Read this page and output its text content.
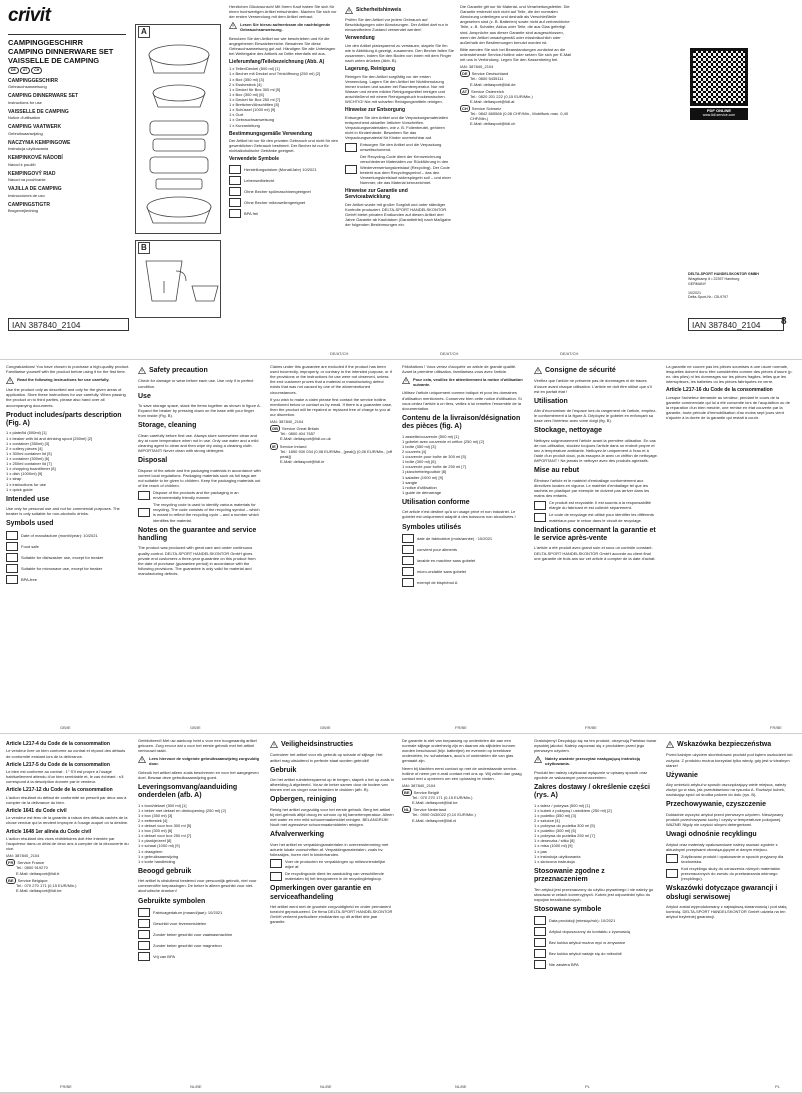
crivit
CAMPINGGESCHIRR
CAMPING DINNERWARE SET
VAISSELLE DE CAMPING
DE	AT	CH
CAMPINGGESCHIRR
Gebrauchsanweisung
CAMPING DINNERWARE SET
Instructions for use
VAISSELLE DE CAMPING
Notice d'utilisation
CAMPING VAATWERK
Gebruiksaanwijzing
NACZYNIA KEMPINGOWE
Instrukcja użytkowania
KEMPINKOVÉ NÁDOBÍ
Návod k použití
KEMPINGOVÝ RIAD
Návod na používanie
VAJILLA DE CAMPING
Instrucciones de uso
CAMPINGSTIGTR
Brugervejledning
IAN 387840_2104
A
B

Herzlichen Glückwunsch! Mit Ihrem Kauf haben Sie sich für einen hochwertigen Artikel entschieden. Machen Sie sich vor der ersten Verwendung mit dem Artikel vertraut.

Lesen Sie hierzu aufmerksam die nachfolgende Gebrauchsanweisung.

Benutzen Sie den Artikel nur wie beschrieben und für die angegebenen Einsatzbereiche. Bewahren Sie diese Gebrauchsanweisung gut auf. Händigen Sie alle Unterlagen bei Weitergabe des Artikels an Dritte ebenfalls mit aus.

Lieferumfang/Teilebezeichnung (Abb. A)
1 x Teller/Deckel (500 ml) [1]
1 x Becher mit Deckel und Trinköffnung (250 ml) [2]
1 x Box (350 ml) [3]
2 x Essbesteck [4]
1 x Deckel für Box 300 ml [5]
1 x Box (300 ml) [6]
1 x Deckel für Box 250 ml [7]
1 x Brettchen/Abschlitten [8]
1 x Schüssel (1000 ml) [9]
1 x Gurt
1 x Gebrauchsanweisung
1 x Kurzanleitung
Bestimmungsgemäße Verwendung

Der Artikel ist nur für den privaten Gebrauch und nicht für den gewerblichen Gebrauch bestimmt. Der Becher ist nur für nichtalkoholische Getränke geeignet.

Verwendete Symbole
Herstellungsdatum (Monat/Jahr) 10/2021
Lebensmittelecht
Ohne Becher spülmaschinengeeignet
Ohne Becher mikrowellengeeignet
BPA frei
Sicherheitshinweis

Prüfen Sie den Artikel vor jedem Gebrauch auf Beschädigungen oder Abnutzungen. Der Artikel darf nur in einwandfreiem Zustand verwendet werden!

Verwendung

Um den Artikel platzsparend zu verstauen, stapeln Sie ihn wie in Abbildung A gezeigt, zusammen. Den Becher fallen Sie zusammen, indem Sie den Boden von innen mit dem Finger nach unten drücken (Abb. B).

Lagerung, Reinigung

Reinigen Sie den Artikel sorgfältig vor der ersten Verwendung. Lagern Sie den Artikel bei Nichtbenutzung immer trocken und sauber bei Raumtemperatur. Nur mit Wasser und einem milden Reinigungsmittel reinigen und anschließend mit einem Reinigungstuch trockenwischen. WICHTIG! Nie mit scharfen Reinigungsmitteln reinigen.

Hinweise zur Entsorgung

Entsorgen Sie den Artikel und die Verpackungsmaterialien entsprechend aktueller örtlicher Vorschriften. Verpackungsmaterialien, wie z. B. Folienbeutel, gehören nicht in Kinderhände. Bewahren Sie das Verpackungsmaterial für Kinder unerreichbar auf.

Entsorgen Sie den Artikel und die Verpackung umweltschonend.
Der Recycling-Code dient der Kennzeichnung verschiedener Materialien zur Rückführung in den Wiederverwertungskreislauf (Recycling). Der Code besteht aus dem Recyclingsymbol – das den Verwertungskreislauf widerspiegeln soll – und einer Nummer, die das Material kennzeichnet.
Hinweise zur Garantie und Serviceabwicklung

Der Artikel wurde mit großer Sorgfalt und unter ständiger Kontrolle produziert. DELTA-SPORT HANDELSKONTOR GmbH bietet privaten Endkunden auf diesen Artikel drei Jahre Garantie ab Kaufdatum (Garantiefrist) nach Maßgabe der folgenden Bestimmungen ein.

Die Garantie gilt nur für Material- und Verarbeitungsfehler. Die Garantie erstreckt sich nicht auf Teile, die der normalen Abnutzung unterliegen und deshalb als Verschleißteile angesehen sind (z. B. Batterien) sowie nicht auf zerbrechliche Teile, z. B. Schalter, Akkus oder Teile, die aus Glas gefertigt sind. Ansprüche aus dieser Garantie sind ausgeschlossen, wenn der Artikel unsachgemäß oder missbräuchlich oder außerhalb der Bestimmungen benutzt worden ist.

Bitte wenden Sie sich bei Beanstandungen zunächst an die untenstehende Service-Hotline oder setzen Sie sich per E-Mail mit uns in Verbindung. Legen Sie den Kassenbeleg bei.

IAN: 387840_2104

DE Service Deutschland
Tel.: 0800 5435111
E-Mail: deltasport@lidl.de
AT Service Österreich
Tel.: 0820 201 222 (0,15 EUR/Min.)
E-Mail: deltasport@lidl.at
CH Service Schweiz
Tel.: 0842 665566 (0,08 CHF/Min., Mobilfunk max. 0,40 CHF/Min.)
E-Mail: deltasport@lidl.ch
PDF ONLINE
www.lidl-service.com
DELTA-SPORT HANDELSKONTOR GMBH
Wragekamp 6 • 22397 Hamburg
GERMANY
10/2021
Delta-Sport-Nr.: CB-9797
IAN 387840_2104	8
DE/AT/CH	DE/AT/CH	DE/AT/CH

Congratulations! You have chosen to purchase a high-quality product. Familiarise yourself with the product before using it for the first time.

Read the following instructions for use carefully.

Use the product only as described and only for the given areas of application. Store these instructions for use carefully. When passing the product on to third parties, please also hand over all accompanying documents.

Product includes/parts description (Fig. A)
1 x plate/lid (500ml) [1]
1 x beaker with lid and drinking spout (250ml) [2]
1 x container (350ml) [3]
2 x cutlery pieces [4]
1 x 300ml container lid [5]
1 x container (300ml) [6]
1 x 250ml container lid [7]
1 x chopping board/timer [8]
1 x dish (1000ml) [9]
1 x strap
1 x instructions for use
1 x quick guide
Intended use

Use only for personal use and not for commercial purposes. The beaker is only suitable for non-alcoholic drinks.

Symbols used
Date of manufacture (month/year): 10/2021
Food safe
Suitable for dishwasher use, except for beaker
Suitable for microwave use, except for beaker
BPA-free
Safety precaution

Check for damage or wear before each use. Use only if in perfect condition.

Use

To save storage space, stack the items together as shown in figure A. Expand the beaker by pressing down on the base with your finger from inside (Fig. B).

Storage, cleaning

Clean carefully before first use. Always store somewhere clean and dry at room temperature when not in use. Only use water and a mild cleaning agent to clean and then wipe dry using a cleaning cloth. IMPORTANT! Never clean with strong detergent.

Disposal

Dispose of the article and the packaging materials in accordance with current local regulations. Packaging materials such as foil bags are not suitable to be given to children. Keep the packaging materials out of the reach of children.

Dispose of the products and the packaging in an environmentally friendly manner.
The recycling code is used to identify various materials for recycling. The code consists of the recycling symbol – which is meant to reflect the recycling cycle – and a number which identifies the material.
Notes on the guarantee and service handling

The product was produced with great care and under continuous quality control. DELTA-SPORT HANDELSKONTOR GmbH gives private end customers a three-year guarantee on this product from the date of purchase (guarantee period) in accordance with the following provisions. The guarantee is only valid for material and manufacturing defects.

Claims under this guarantee are excluded if the product has been used incorrectly, improperly, or contrary to the intended purpose, or if the provisions or the instructions for use were not observed, unless the end customer proves that a material or manufacturing defect exists that was not caused by one of the aforementioned circumstances.

If you wish to make a claim please first contact the service hotline mentioned below or contact us by email. If there is a guarantee case, then the product will be repaired or replaced free of charge to you at our discretion.

IAN: 387840_2104

GB Service Great Britain
Tel.: 0800 404 7657
E-Mail: deltasport@lidl.co.uk
IE Service Ireland
Tel.: 1890 930 034 (0,08 EUR/Min., [peak]) (0,06 EUR/Min., [off peak])
E-Mail: deltasport@lidl.ie

Félicitations ! Vous venez d'acquérir un article de grande qualité. Avant la première utilisation, familiarisez-vous avec l'article.

Pour cela, veuillez lire attentivement la notice d'utilisation suivante.

Utilisez l'article uniquement comme indiqué et pour les domaines d'utilisation mentionnés. Conservez bien cette notice d'utilisation. Si vous cédez l'article à un tiers, veillez à lui remettre l'ensemble de la documentation.

Contenu de la livraison/désignation des pièces (fig. A)
1 assiette/couvercle (500 ml) [1]
1 gobelet avec couvercle et orifice (250 ml) [2]
1 boîte (350 ml) [3]
2 couverts [4]
1 couvercle pour boîte de 300 ml [5]
1 boîte (300 ml) [6]
1 couvercle pour boîte de 250 ml [7]
1 planchette/égouttoir [8]
1 saladier (1000 ml) [9]
1 sangle
1 notice d'utilisation
1 guide de démarrage
Utilisation conforme

Cet article n'est destiné qu'à un usage privé et non industriel. Le gobelet est uniquement adapté à des boissons non alcoolisées !

Symboles utilisés
date de fabrication (mois/année) : 10/2021
convient pour aliments
lavable en machine sans gobelet
micro-ondable sans gobelet
exempt de bisphénol A
Consigne de sécurité

Vérifiez que l'article ne présente pas de dommages ni de traces d'usure avant chaque utilisation. L'article ne doit être utilisé que s'il est en parfait état !

Utilisation

Afin d'économiser de l'espace lors du rangement de l'article, empilez-le conformément à la figure A. Déployez le gobelet en enfonçant sa base vers l'intérieur avec votre doigt (fig. B).

Stockage, nettoyage

Nettoyez soigneusement l'article avant la première utilisation. En cas de non-utilisation, stockez toujours l'article dans un endroit propre et sec à température ambiante. Nettoyez-le uniquement à l'eau et à l'aide d'un produit doux, puis essuyez-le avec un chiffon de nettoyage. IMPORTANT ! Ne jamais le nettoyer avec des produits agressifs.

Mise au rebut

Éliminez l'article et le matériel d'emballage conformément aux directives locales en vigueur. Le matériel d'emballage tel que les sachets en plastique par exemple ne doivent pas arriver dans les mains des enfants.

Ce produit est recyclable. Il est soumis à la responsabilité élargie du fabricant et est collecté séparément.
Le code de recyclage est utilisé pour identifier les différents matériaux pour le retour dans le circuit de recyclage.
Indications concernant la garantie et le service après-vente

L'article a été produit avec grand soin et sous un contrôle constant. DELTA-SPORT HANDELSKONTOR GmbH accorde au client final une garantie de trois ans sur cet article à compter de la date d'achat.

La garantie ne couvre pas les pièces soumises à une usure normale, lesquelles doivent donc être considérées comme des pièces d'usure (p. ex. des piles) ni les dommages sur les pièces fragiles, telles que les interrupteurs, les batteries ou les pièces fabriquées en verre.

Article L217-16 du Code de la consommation

Lorsque l'acheteur demande au vendeur, pendant le cours de la garantie commerciale qui lui a été consentie lors de l'acquisition ou de la réparation d'un bien meuble, une remise en état couverte par la garantie, toute période d'immobilisation d'au moins sept jours vient s'ajouter à la durée de la garantie qui restait à courir.

GB/IE	GB/IE	GB/IE	FR/BE	FR/BE	FR/BE
Article L217-4 du Code de la consommation

Le vendeur livre un bien conforme au contrat et répond des défauts de conformité existant lors de la délivrance.

Article L217-5 du Code de la consommation

Le bien est conforme au contrat : 1° S'il est propre à l'usage habituellement attendu d'un bien semblable et, le cas échéant : s'il correspond à la description donnée par le vendeur.

Article L217-12 du Code de la consommation

L'action résultant du défaut de conformité se prescrit par deux ans à compter de la délivrance du bien.

Article 1641 du Code civil

Le vendeur est tenu de la garantie à raison des défauts cachés de la chose vendue qui la rendent impropre à l'usage auquel on la destine.

Article 1648 1er alinéa du Code civil

L'action résultant des vices rédhibitoires doit être intentée par l'acquéreur dans un délai de deux ans à compter de la découverte du vice.

IAN: 387840_2104

FR Service France
Tel.: 0800 919270
E-Mail: deltasport@lidl.fr
BE Service Belgique
Tel.: 070 270 171 (0,15 EUR/Min.)
E-Mail: deltasport@lidl.be

Gefeliciteerd! Met uw aankoop hebt u voor een hoogwaardig artikel gekozen. Zorg ervoor dat u voor het eerste gebruik met het artikel vertrouwd raakt.

Lees hiervoor de volgende gebruiksaanwijzing zorgvuldig door.

Gebruik het artikel alleen zoals beschreven en voor het aangegeven doel. Bewaar deze gebruiksaanwijzing goed.

Leveringsomvang/aanduiding onderdelen (afb. A)
1 x bord/deksel (500 ml) [1]
1 x beker met deksel en drinkopening (250 ml) [2]
1 x box (350 ml) [3]
2 x eetbestek [4]
1 x deksel voor box 300 ml [5]
1 x box (300 ml) [6]
1 x deksel voor box 250 ml [7]
1 x plankje/zeef [8]
1 x schaal (1000 ml) [9]
1 x draagriem
1 x gebruiksaanwijzing
1 x korte handleiding
Beoogd gebruik

Het artikel is uitsluitend bestemd voor persoonlijk gebruik, niet voor commerciële toepassingen. De beker is alleen geschikt voor niet-alcoholische dranken!

Gebruikte symbolen
Fabricagedatum (maand/jaar): 10/2021
Geschikt voor levensmiddelen
Zonder beker geschikt voor vaatwasmachine
Zonder beker geschikt voor magnetron
Vrij van BPA
Veiligheidsinstructies

Controleer het artikel voor elk gebruik op schade of slijtage. Het artikel mag uitsluitend in perfecte staat worden gebruikt!

Gebruik

Om het artikel ruimtebesparend op te bergen, stapelt u het op zoals in afbeelding A afgebeeld. Vouw de beker samen door de bodem van binnen met uw vinger naar beneden te drukken (afb. B).

Opbergen, reiniging

Reinig het artikel zorgvuldig voor het eerste gebruik. Berg het artikel bij niet-gebruik altijd droog en schoon op bij kamertemperatuur. Alleen met water en een mild schoonmaakmiddel reinigen. BELANGRIJK! Nooit met agressieve schoonmaakmiddelen reinigen.

Afvalverwerking

Voer het artikel en verpakkingsmaterialen in overeenstemming met actuele lokale voorschriften af. Verpakkingsmaterialen, zoals bv. foliezakjes, horen niet in kinderhanden.

Voer de producten en verpakkingen op milieuvriendelijke wijze af.
De recyclingcode dient ter aanduiding van verschillende materialen bij het terugvoeren in de recyclingkringloop.
Opmerkingen over garantie en serviceafhandeling

Het artikel werd met de grootste zorgvuldigheid en onder permanent toezicht geproduceerd. De firma DELTA-SPORT HANDELSKONTOR GmbH verleent particuliere eindklanten op dit artikel drie jaar garantie.

De garantie is niet van toepassing op onderdelen die aan een normale slijtage onderhevig zijn en daarom als slijtdelen kunnen worden beschouwd (bijv. batterijen) en evenmin op breekbare onderdelen, bv. schakelaars, accu's of onderdelen die van glas gemaakt zijn.

Neem bij klachten eerst contact op met de onderstaande service-hotline of neem per e-mail contact met ons op. Wij zullen dan graag contact met u opnemen om een oplossing te vinden.

IAN: 387840_2104

BE Service België
Tel.: 070 270 171 (0,15 EUR/Min.)
E-Mail: deltasport@lidl.be
NL Service Nederland
Tel.: 0900 0430022 (0,10 EUR/Min.)
E-Mail: deltasport@lidl.nl

Gratulujemy! Decydując się na ten produkt, otrzymują Państwo towar wysokiej jakości. Należy zapoznać się z produktem przed jego pierwszym użyciem.

Należy uważnie przeczytać następującą instrukcję użytkowania.

Produkt ten należy użytkować wyłącznie w opisany sposób oraz zgodnie ze wskazanym przeznaczeniem.

Zakres dostawy / określenie części (rys. A)
1 x talerz / pokrywa (500 ml) [1]
1 x kubek z pokrywą i ustnikiem (250 ml) [2]
1 x pudełko (350 ml) [3]
2 x sztućce [4]
1 x pokrywa do pudełka 300 ml [5]
1 x pudełko (300 ml) [6]
1 x pokrywa do pudełka 250 ml [7]
1 x deseczka / sitko [8]
1 x misa (1000 ml) [9]
1 x pas
1 x instrukcja użytkowania
1 x skrócona instrukcja
Stosowanie zgodne z przeznaczeniem

Ten artykuł jest przeznaczony do użytku prywatnego i nie należy go stosować w celach komercyjnych. Kubek jest odpowiedni tylko do napojów bezalkoholowych.

Stosowane symbole
Data produkcji (miesiąc/rok): 10/2021
Artykuł dopuszczony do kontaktu z żywnością
Bez kubka artykuł można myć w zmywarce
Bez kubka artykuł nadaje się do mikrofali
Nie zawiera BPA
Wskazówka bezpieczeństwa

Przed każdym użyciem skontrolować produkt pod kątem uszkodzeń lub zużycia. Z produktu można korzystać tylko wtedy, gdy jest w idealnym stanie!

Używanie

Aby umieścić artykuł w sposób oszczędzający wiele miejsca, należy złożyć go w stos, jak przedstawiono na rysunku A. Rozłożyć kubek, naciskając spód od środka palcem do dołu (rys. B).

Przechowywanie, czyszczenie

Dokładnie wyczyść artykuł przed pierwszym użyciem. Nieużywany produkt przechowywać suchy i czysty w temperaturze pokojowej. WAŻNE! Nigdy nie czyścić silnymi detergentami.

Uwagi odnośnie recyklingu

Artykuł oraz materiały opakowaniowe należy usuwać zgodnie z aktualnymi przepisami obowiązującymi w danym miejscu.

Zutylizować produkt i opakowanie w sposób przyjazny dla środowiska.
Kod recyklingu służy do oznaczenia różnych materiałów przeznaczonych do zwrotu do przetwarzania wtórnego (recyklingu).
Wskazówki dotyczące gwarancji i obsługi serwisowej

Artykuł został wyprodukowany z największą starannością i pod stałą kontrolą. DELTA-SPORT HANDELSKONTOR GmbH udziela na ten artykuł trzyletniej gwarancji.

FR/BE	NL/BE	NL/BE	NL/BE	PL	PL
